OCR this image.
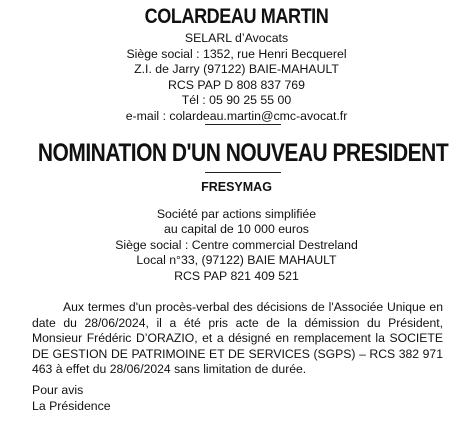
COLARDEAU MARTIN
SELARL d’Avocats
Siège social : 1352, rue Henri Becquerel
Z.I. de Jarry (97122) BAIE-MAHAULT
RCS PAP D 808 837 769
Tél : 05 90 25 55 00
e-mail : colardeau.martin@cmc-avocat.fr
NOMINATION D'UN NOUVEAU PRESIDENT
FRESYMAG
Société par actions simplifiée
au capital de 10 000 euros
Siège social : Centre commercial Destreland
Local n°33, (97122) BAIE MAHAULT
RCS PAP 821 409 521
Aux termes d'un procès-verbal des décisions de l'Associée Unique en date du 28/06/2024, il a été pris acte de la démission du Président, Monsieur Frédéric D’ORAZIO, et a désigné en remplacement la SOCIETE DE GESTION DE PATRIMOINE ET DE SERVICES (SGPS) – RCS 382 971 463 à effet du 28/06/2024 sans limitation de durée.
Pour avis
La Présidence
